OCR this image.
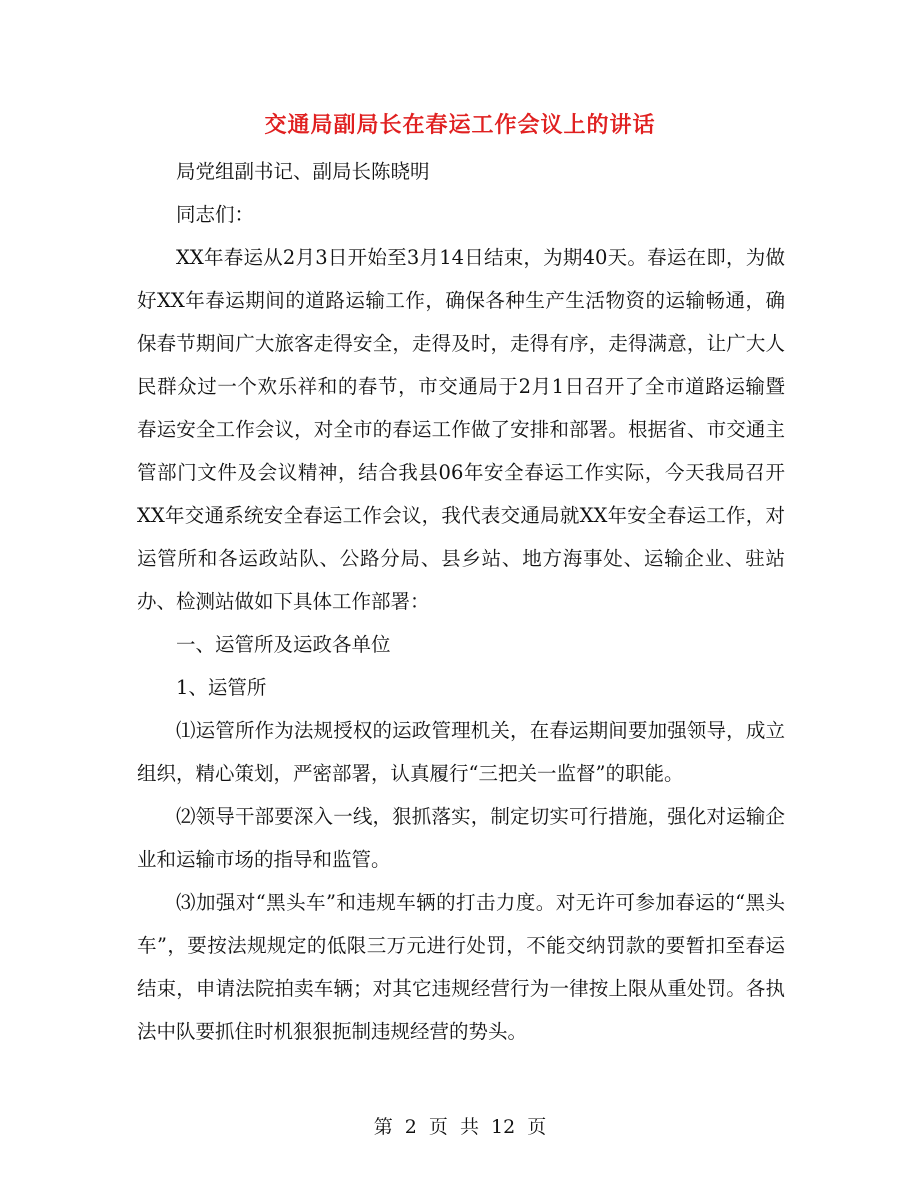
交通局副局长在春运工作会议上的讲话

局党组副书记、副局长陈晓明

同志们：

XX年春运从2月3日开始至3月14日结束，为期40天。春运在即，为做好XX年春运期间的道路运输工作，确保各种生产生活物资的运输畅通，确保春节期间广大旅客走得安全，走得及时，走得有序，走得满意，让广大人民群众过一个欢乐祥和的春节，市交通局于2月1日召开了全市道路运输暨春运安全工作会议，对全市的春运工作做了安排和部署。根据省、市交通主管部门文件及会议精神，结合我县06年安全春运工作实际，今天我局召开XX年交通系统安全春运工作会议，我代表交通局就XX年安全春运工作，对运管所和各运政站队、公路分局、县乡站、地方海事处、运输企业、驻站办、检测站做如下具体工作部署：

一、运管所及运政各单位

1、运管所

⑴运管所作为法规授权的运政管理机关，在春运期间要加强领导，成立组织，精心策划，严密部署，认真履行“三把关一监督”的职能。

⑵领导干部要深入一线，狠抓落实，制定切实可行措施，强化对运输企业和运输市场的指导和监管。

⑶加强对“黑头车”和违规车辆的打击力度。对无许可参加春运的“黑头车”，要按法规规定的低限三万元进行处罚，不能交纳罚款的要暂扣至春运结束，申请法院拍卖车辆；对其它违规经营行为一律按上限从重处罚。各执法中队要抓住时机狠狠扼制违规经营的势头。

第 2 页 共 12 页
